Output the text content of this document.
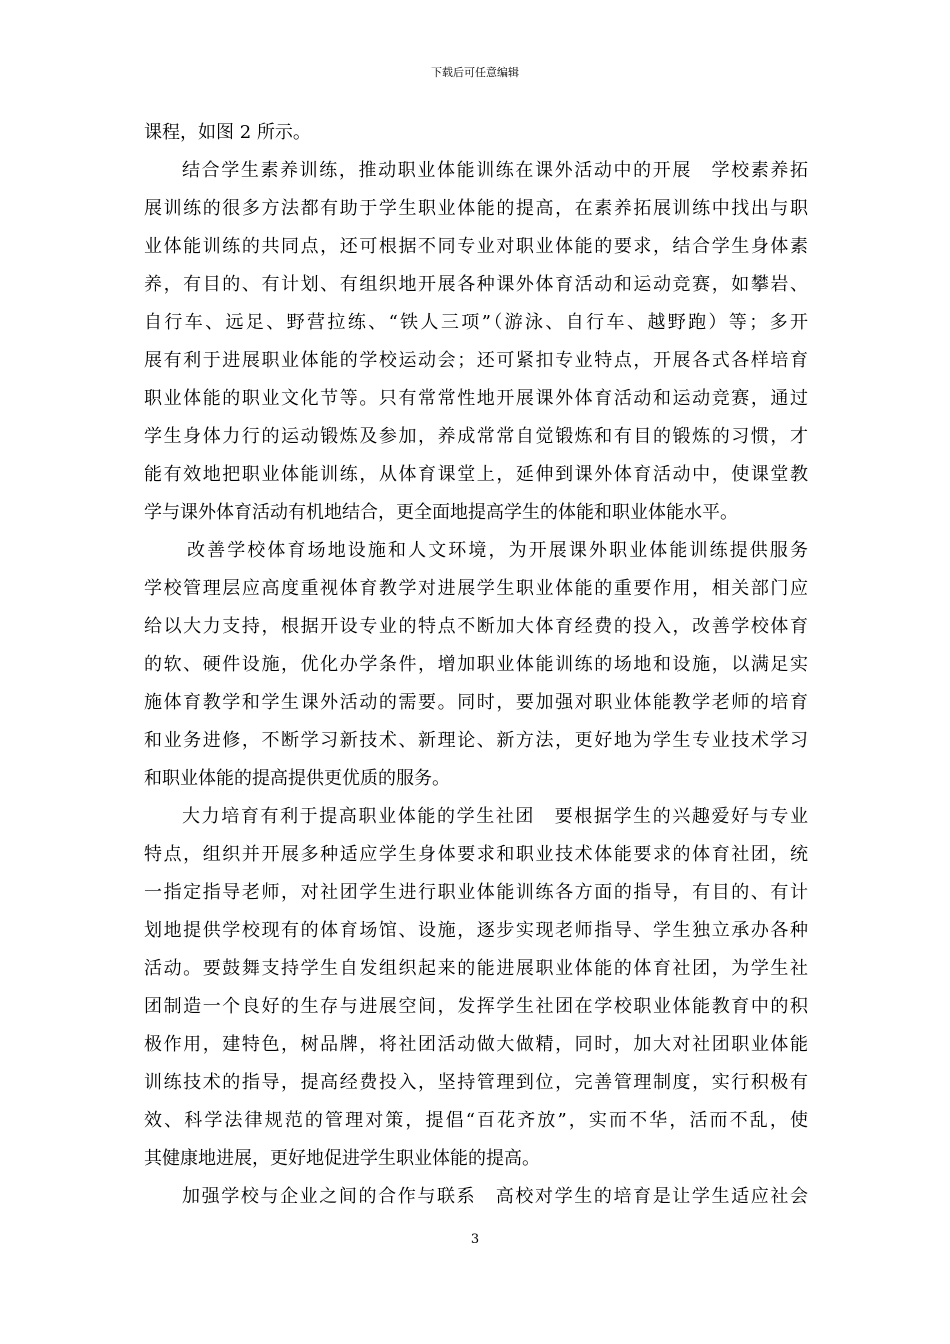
下载后可任意编辑
课程，如图 2 所示。
结合学生素养训练，推动职业体能训练在课外活动中的开展　学校素养拓
展训练的很多方法都有助于学生职业体能的提高，在素养拓展训练中找出与职
业体能训练的共同点，还可根据不同专业对职业体能的要求，结合学生身体素
养，有目的、有计划、有组织地开展各种课外体育活动和运动竞赛，如攀岩、
自行车、远足、野营拉练、“铁人三项”（游泳、自行车、越野跑）等；多开
展有利于进展职业体能的学校运动会；还可紧扣专业特点，开展各式各样培育
职业体能的职业文化节等。只有常常性地开展课外体育活动和运动竞赛，通过
学生身体力行的运动锻炼及参加，养成常常自觉锻炼和有目的锻炼的习惯，才
能有效地把职业体能训练，从体育课堂上，延伸到课外体育活动中，使课堂教
学与课外体育活动有机地结合，更全面地提高学生的体能和职业体能水平。
改善学校体育场地设施和人文环境，为开展课外职业体能训练提供服务
学校管理层应高度重视体育教学对进展学生职业体能的重要作用，相关部门应
给以大力支持，根据开设专业的特点不断加大体育经费的投入，改善学校体育
的软、硬件设施，优化办学条件，增加职业体能训练的场地和设施，以满足实
施体育教学和学生课外活动的需要。同时，要加强对职业体能教学老师的培育
和业务进修，不断学习新技术、新理论、新方法，更好地为学生专业技术学习
和职业体能的提高提供更优质的服务。
大力培育有利于提高职业体能的学生社团　要根据学生的兴趣爱好与专业
特点，组织并开展多种适应学生身体要求和职业技术体能要求的体育社团，统
一指定指导老师，对社团学生进行职业体能训练各方面的指导，有目的、有计
划地提供学校现有的体育场馆、设施，逐步实现老师指导、学生独立承办各种
活动。要鼓舞支持学生自发组织起来的能进展职业体能的体育社团，为学生社
团制造一个良好的生存与进展空间，发挥学生社团在学校职业体能教育中的积
极作用，建特色，树品牌，将社团活动做大做精，同时，加大对社团职业体能
训练技术的指导，提高经费投入，坚持管理到位，完善管理制度，实行积极有
效、科学法律规范的管理对策，提倡“百花齐放”，实而不华，活而不乱，使
其健康地进展，更好地促进学生职业体能的提高。
加强学校与企业之间的合作与联系　高校对学生的培育是让学生适应社会
3
